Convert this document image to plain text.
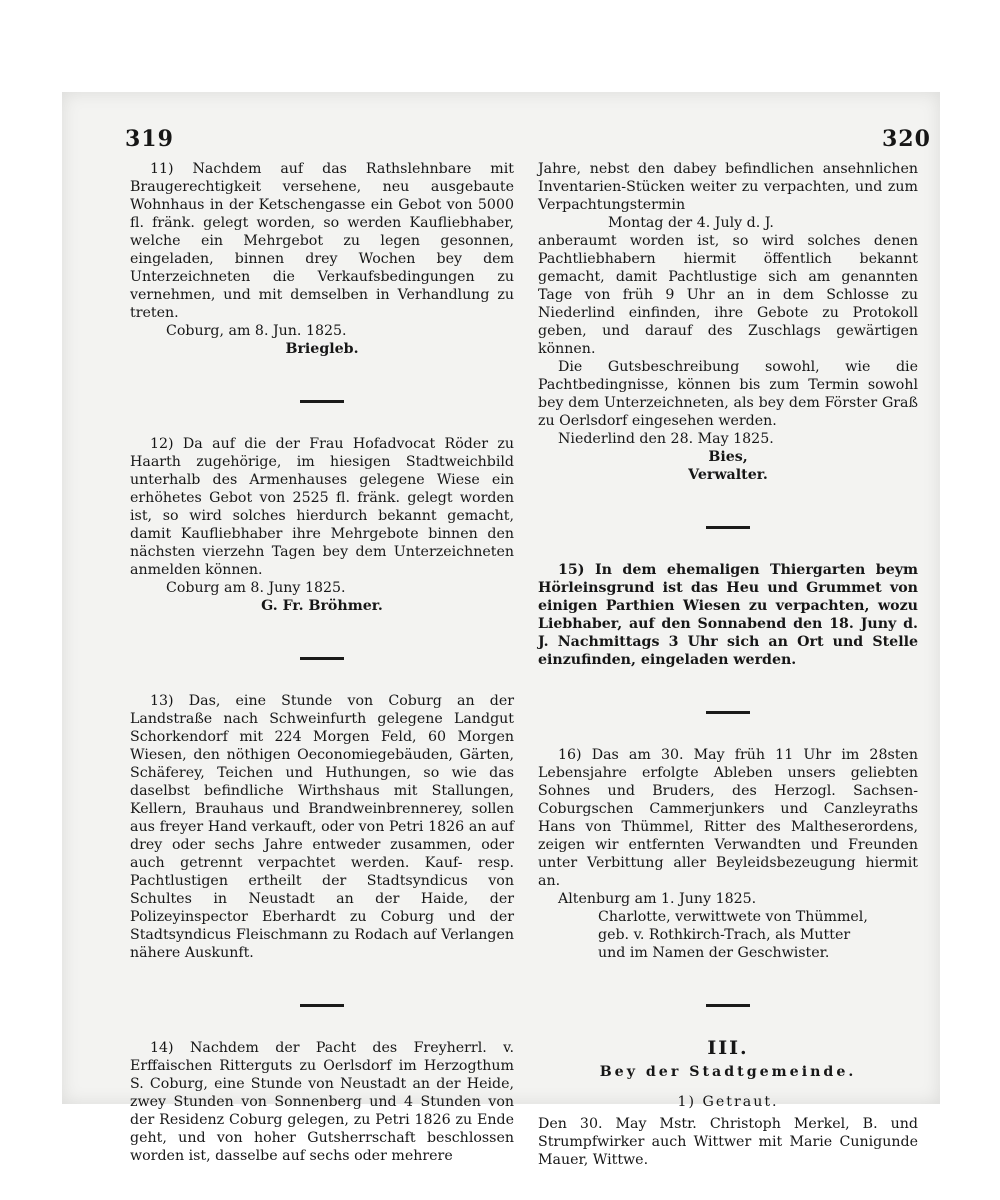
319	320

11) Nachdem auf das Rathslehnbare mit Braugerechtigkeit versehene, neu ausgebaute Wohnhaus in der Ketschengasse ein Gebot von 5000 fl. fränk. gelegt worden, so werden Kaufliebhaber, welche ein Mehrgebot zu legen gesonnen, eingeladen, binnen drey Wochen bey dem Unterzeichneten die Verkaufsbedingungen zu vernehmen, und mit demselben in Verhandlung zu treten.

Coburg, am 8. Jun. 1825.

Briegleb.

12) Da auf die der Frau Hofadvocat Röder zu Haarth zugehörige, im hiesigen Stadtweichbild unterhalb des Armenhauses gelegene Wiese ein erhöhetes Gebot von 2525 fl. fränk. gelegt worden ist, so wird solches hierdurch bekannt gemacht, damit Kaufliebhaber ihre Mehrgebote binnen den nächsten vierzehn Tagen bey dem Unterzeichneten anmelden können.

Coburg am 8. Juny 1825.

G. Fr. Bröhmer.

13) Das, eine Stunde von Coburg an der Landstraße nach Schweinfurth gelegene Landgut Schorkendorf mit 224 Morgen Feld, 60 Morgen Wiesen, den nöthigen Oeconomiegebäuden, Gärten, Schäferey, Teichen und Huthungen, so wie das daselbst befindliche Wirthshaus mit Stallungen, Kellern, Brauhaus und Brandweinbrennerey, sollen aus freyer Hand verkauft, oder von Petri 1826 an auf drey oder sechs Jahre entweder zusammen, oder auch getrennt verpachtet werden. Kauf- resp. Pachtlustigen ertheilt der Stadtsyndicus von Schultes in Neustadt an der Haide, der Polizeyinspector Eberhardt zu Coburg und der Stadtsyndicus Fleischmann zu Rodach auf Verlangen nähere Auskunft.

14) Nachdem der Pacht des Freyherrl. v. Erffaischen Ritterguts zu Oerlsdorf im Herzogthum S. Coburg, eine Stunde von Neustadt an der Heide, zwey Stunden von Sonnenberg und 4 Stunden von der Residenz Coburg gelegen, zu Petri 1826 zu Ende geht, und von hoher Gutsherrschaft beschlossen worden ist, dasselbe auf sechs oder mehrere

Jahre, nebst den dabey befindlichen ansehnlichen Inventarien-Stücken weiter zu verpachten, und zum Verpachtungstermin

Montag der 4. July d. J.

anberaumt worden ist, so wird solches denen Pachtliebhabern hiermit öffentlich bekannt gemacht, damit Pachtlustige sich am genannten Tage von früh 9 Uhr an in dem Schlosse zu Niederlind einfinden, ihre Gebote zu Protokoll geben, und darauf des Zuschlags gewärtigen können.

Die Gutsbeschreibung sowohl, wie die Pachtbedingnisse, können bis zum Termin sowohl bey dem Unterzeichneten, als bey dem Förster Graß zu Oerlsdorf eingesehen werden.

Niederlind den 28. May 1825.

Bies,

Verwalter.

15) In dem ehemaligen Thiergarten beym Hörleinsgrund ist das Heu und Grummet von einigen Parthien Wiesen zu verpachten, wozu Liebhaber, auf den Sonnabend den 18. Juny d. J. Nachmittags 3 Uhr sich an Ort und Stelle einzufinden, eingeladen werden.

16) Das am 30. May früh 11 Uhr im 28sten Lebensjahre erfolgte Ableben unsers geliebten Sohnes und Bruders, des Herzogl. Sachsen-Coburgschen Cammerjunkers und Canzleyraths Hans von Thümmel, Ritter des Maltheserordens, zeigen wir entfernten Verwandten und Freunden unter Verbittung aller Beyleidsbezeugung hiermit an.

Altenburg am 1. Juny 1825.

Charlotte, verwittwete von Thümmel,

geb. v. Rothkirch-Trach, als Mutter

und im Namen der Geschwister.

III.
Bey der Stadtgemeinde.
1) Getraut.

Den 30. May Mstr. Christoph Merkel, B. und Strumpfwirker auch Wittwer mit Marie Cunigunde Mauer, Wittwe.
